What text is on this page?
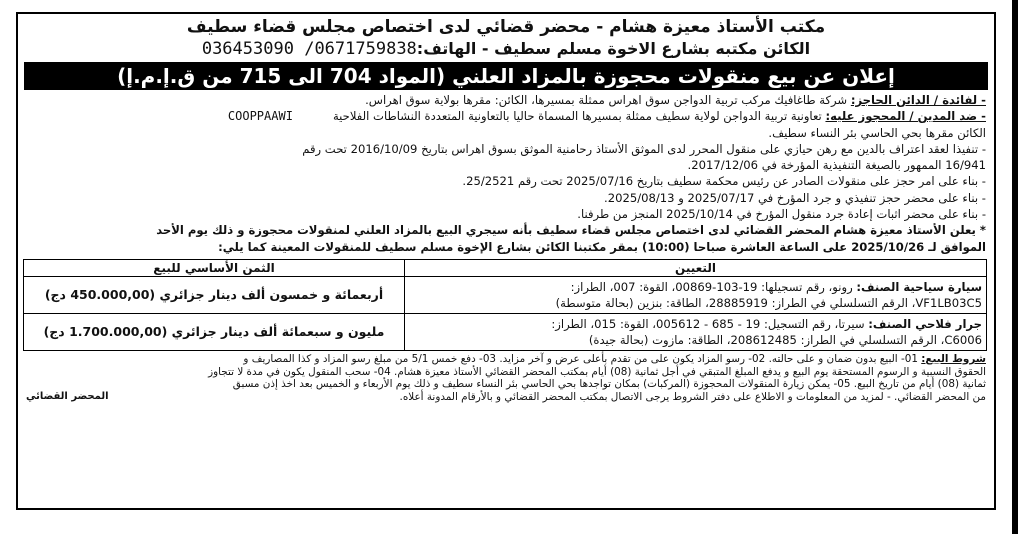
مكتب الأستاذ معيزة هشام - محضر قضائي لدى اختصاص مجلس قضاء سطيف
الكائن مكتبه بشارع الاخوة مسلم سطيف - الهاتف:0671759838/ 036453090
إعلان عن بيع منقولات محجوزة بالمزاد العلني (المواد 704 الى 715 من ق.إ.م.إ)

- لفائدة / الدائن الحاجز: شركة طاغافيك مركب تربية الدواجن سوق اهراس ممثلة بمسيرها، الكائن: مقرها بولاية سوق اهراس.

- ضد المدين / المحجوز عليه: تعاونية تربية الدواجن لولاية سطيف ممثلة بمسيرها المسماة حاليا بالتعاونية المتعددة النشاطات الفلاحيةCOOPPAAWI

الكائن مقرها بحي الحاسي بئر النساء سطيف.

- تنفيذا لعقد اعتراف بالدين مع رهن حيازي على منقول المحرر لدى الموثق الأستاذ رحامنية الموثق بسوق اهراس بتاريخ 2016/10/09 تحت رقم

16/941 الممهور بالصيغة التنفيذية المؤرخة في 2017/12/06.

- بناء على امر حجز على منقولات الصادر عن رئيس محكمة سطيف بتاريخ 2025/07/16 تحت رقم 25/2521.

- بناء على محضر حجز تنفيذي و جرد المؤرخ في 2025/07/17 و 2025/08/13.

- بناء على محضر اثبات إعادة جرد منقول المؤرخ في 2025/10/14 المنجز من طرفنا.

* يعلن الأستاذ معيزة هشام المحضر القضائي لدى اختصاص مجلس قضاء سطيف بأنه سيجري البيع بالمزاد العلني لمنقولات محجوزة و ذلك يوم الأحد

الموافق لـ 2025/10/26 على الساعة العاشرة صباحا (10:00) بمقر مكتبنا الكائن بشارع الإخوة مسلم سطيف للمنقولات المعينة كما يلي:

التعيين	الثمن الأساسي للبيع
سيارة سياحية الصنف: رونو، رقم تسجيلها: 19-103-00869، القوة: 007، الطراز:
VF1LB03C5، الرقم التسلسلي في الطراز: 28885919، الطاقة: بنزين (بحالة متوسطة)	أربعمائة و خمسون ألف دينار جزائري (450.000,00 دج)
جرار فلاحي الصنف: سيرتا، رقم التسجيل: 19 - 685 - 005612، القوة: 015، الطراز:
C6006، الرقم التسلسلي في الطراز: 208612485، الطاقة: مازوت (بحالة جيدة)	مليون و سبعمائة ألف دينار جزائري (1.700.000,00 دج)

شروط البيع: 01- البيع بدون ضمان و على حالته. 02- رسو المزاد يكون على من تقدم بأعلى عرض و آخر مزايد. 03- دفع خمس 5/1 من مبلغ رسو المزاد و كذا المصاريف و

الحقوق النسبية و الرسوم المستحقة يوم البيع و يدفع المبلغ المتبقي في أجل ثمانية (08) أيام بمكتب المحضر القضائي الأستاذ معيزة هشام. 04- سحب المنقول يكون في مدة لا تتجاوز

ثمانية (08) أيام من تاريخ البيع. 05- يمكن زيارة المنقولات المحجوزة (المركبات) بمكان تواجدها بحي الحاسي بئر النساء سطيف و ذلك يوم الأربعاء و الخميس بعد اخذ إذن مسبق

من المحضر القضائي. - لمزيد من المعلومات و الاطلاع على دفتر الشروط يرجى الاتصال بمكتب المحضر القضائي و بالأرقام المدونة أعلاه.

المحضر القضائي
